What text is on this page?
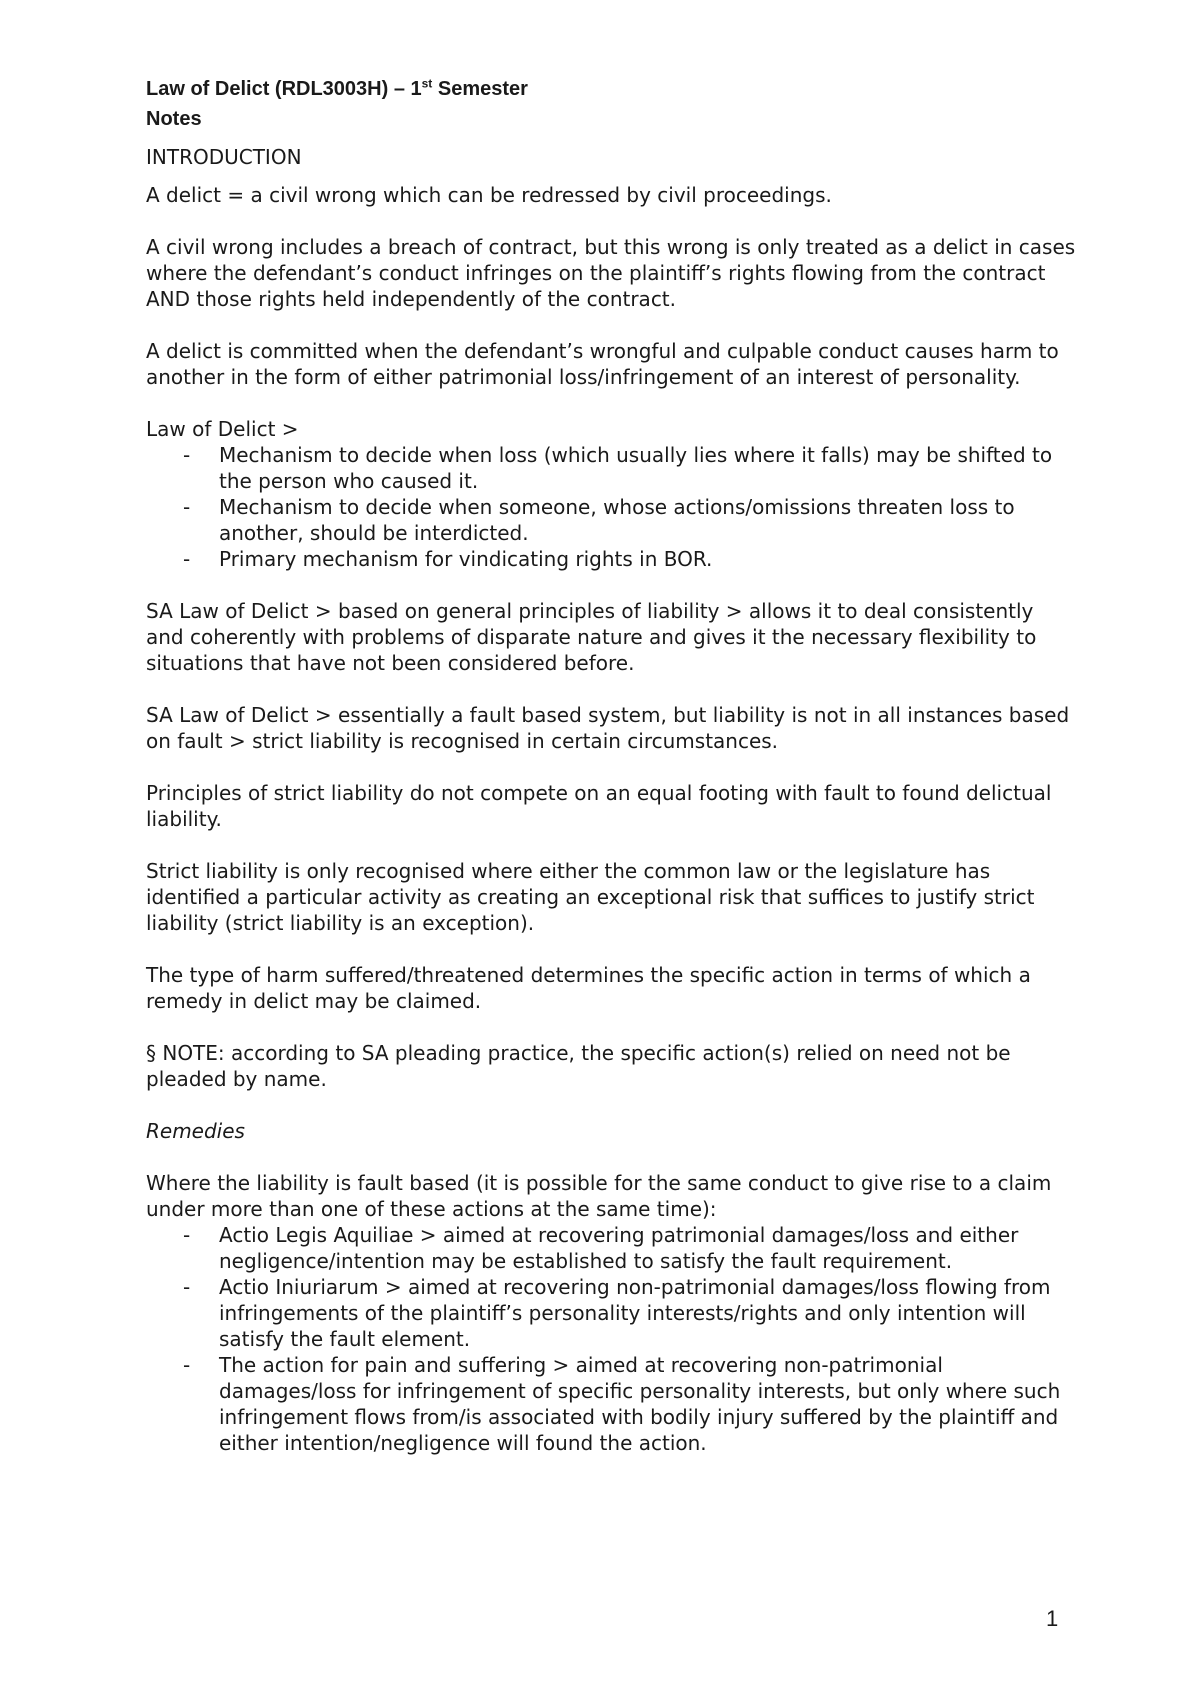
Law of Delict (RDL3003H) – 1st Semester
Notes

INTRODUCTION

A delict = a civil wrong which can be redressed by civil proceedings.

A civil wrong includes a breach of contract, but this wrong is only treated as a delict in cases where the defendant’s conduct infringes on the plaintiff’s rights flowing from the contract AND those rights held independently of the contract.

A delict is committed when the defendant’s wrongful and culpable conduct causes harm to another in the form of either patrimonial loss/infringement of an interest of personality.

Law of Delict >

- Mechanism to decide when loss (which usually lies where it falls) may be shifted to the person who caused it.
- Mechanism to decide when someone, whose actions/omissions threaten loss to another, should be interdicted.
- Primary mechanism for vindicating rights in BOR.

SA Law of Delict > based on general principles of liability > allows it to deal consistently and coherently with problems of disparate nature and gives it the necessary flexibility to situations that have not been considered before.

SA Law of Delict > essentially a fault based system, but liability is not in all instances based on fault > strict liability is recognised in certain circumstances.

Principles of strict liability do not compete on an equal footing with fault to found delictual liability.

Strict liability is only recognised where either the common law or the legislature has identified a particular activity as creating an exceptional risk that suffices to justify strict liability (strict liability is an exception).

The type of harm suffered/threatened determines the specific action in terms of which a remedy in delict may be claimed.

§ NOTE: according to SA pleading practice, the specific action(s) relied on need not be pleaded by name.

Remedies

Where the liability is fault based (it is possible for the same conduct to give rise to a claim under more than one of these actions at the same time):

- Actio Legis Aquiliae > aimed at recovering patrimonial damages/loss and either negligence/intention may be established to satisfy the fault requirement.
- Actio Iniuriarum > aimed at recovering non-patrimonial damages/loss flowing from infringements of the plaintiff’s personality interests/rights and only intention will satisfy the fault element.
- The action for pain and suffering > aimed at recovering non-patrimonial damages/loss for infringement of specific personality interests, but only where such infringement flows from/is associated with bodily injury suffered by the plaintiff and either intention/negligence will found the action.
1
